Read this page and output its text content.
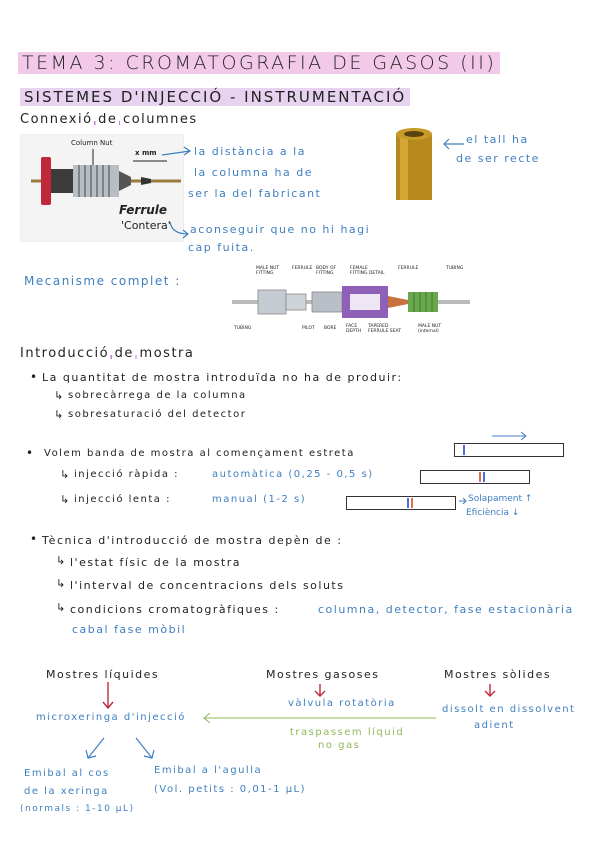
TEMA 3: CROMATOGRAFIA DE GASOS (II)
SISTEMES D'INJECCIÓ - INSTRUMENTACIÓ
Connexió de columnes
Column Nut
x mm
Ferrule
'Contera'
la distància a la
la columna ha de
ser la del fabricant
aconseguir que no hi hagi
cap fuita.
el tall ha
de ser recte
Mecanisme complet :
MALE NUT FITTING
FERRULE BODY OF FITTING
FEMALE FITTING DETAIL
FERRULE	TUBING
TUBING	PILOT BORE FACE DEPTH
TAPERED FERRULE SEAT
MALE NUT (internal)
Introducció de mostra
• La quantitat de mostra introduïda no ha de produir:
↳ sobrecàrrega de la columna
↳ sobresaturació del detector
• Volem banda de mostra al començament estreta
↳ injecció ràpida :	automàtica (0,25 - 0,5 s)
↳ injecció lenta :	manual (1-2 s)	Solapament ↑
Eficiència ↓
• Tècnica d'introducció de mostra depèn de :
↳ l'estat físic de la mostra
↳ l'interval de concentracions dels soluts
↳ condicions cromatogràfiques :	columna, detector, fase estacionària
cabal fase mòbil
Mostres líquides	Mostres gasoses	Mostres sòlides
microxeringa d'injecció
vàlvula rotatòria
dissolt en dissolvent
adient
traspassem líquid
no gas
Emibal al cos
de la xeringa
(normals : 1-10 µL)
Emibal a l'agulla
(Vol. petits : 0,01-1 µL)
